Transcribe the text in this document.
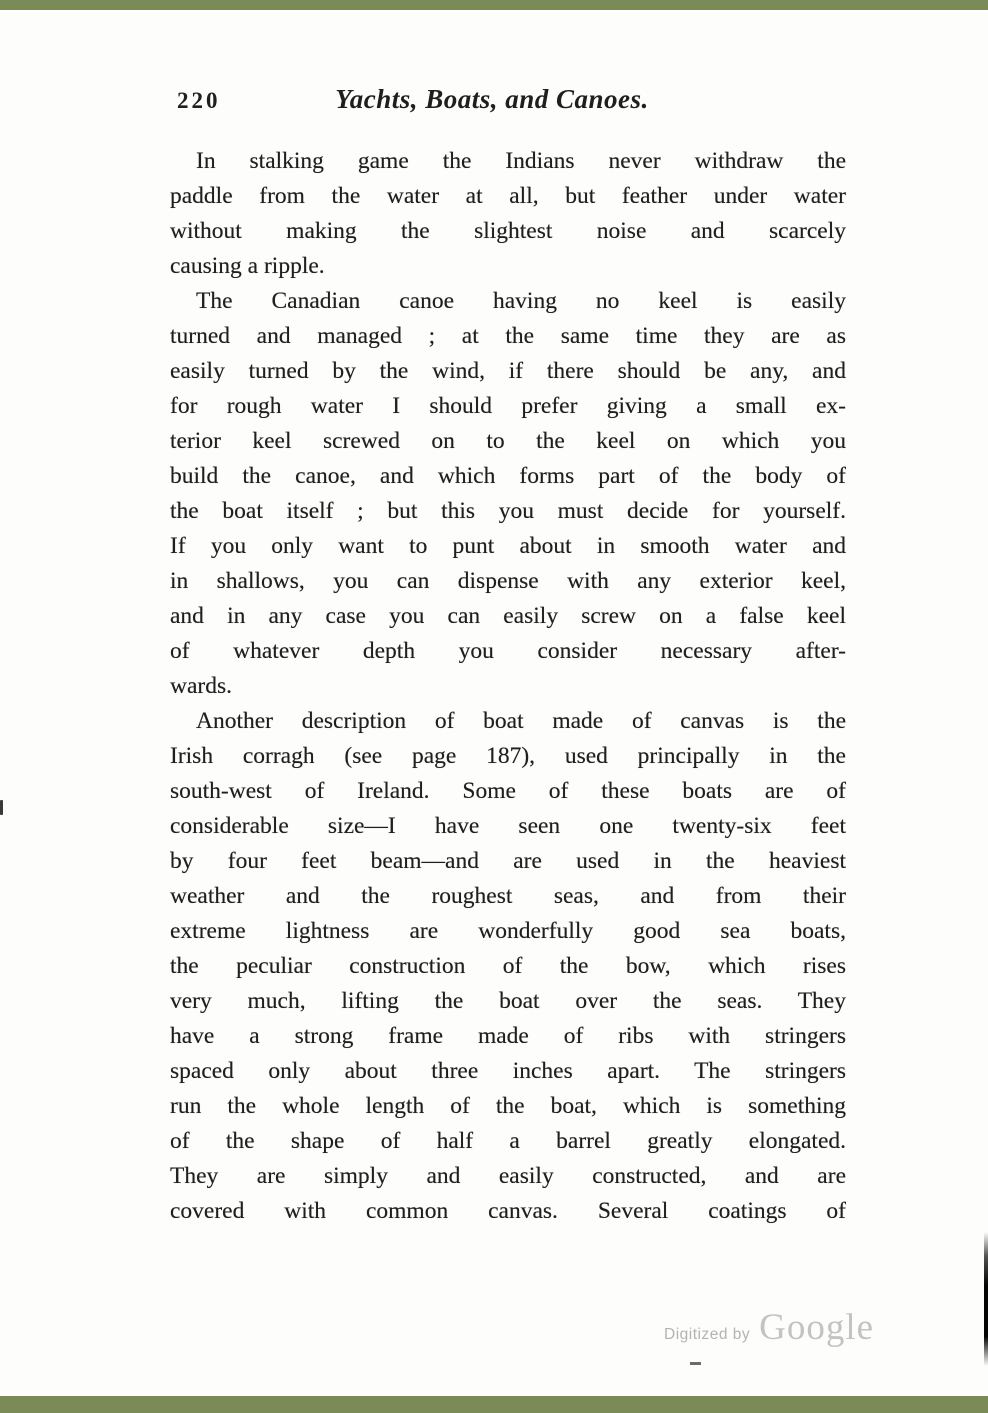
220	Yachts, Boats, and Canoes.
In stalking game the Indians never withdraw the
paddle from the water at all, but feather under water
without making the slightest noise and scarcely
causing a ripple.
The Canadian canoe having no keel is easily
turned and managed ; at the same time they are as
easily turned by the wind, if there should be any, and
for rough water I should prefer giving a small ex-
terior keel screwed on to the keel on which you
build the canoe, and which forms part of the body of
the boat itself ; but this you must decide for yourself.
If you only want to punt about in smooth water and
in shallows, you can dispense with any exterior keel,
and in any case you can easily screw on a false keel
of whatever depth you consider necessary after-
wards.
Another description of boat made of canvas is the
Irish corragh (see page 187), used principally in the
south-west of Ireland. Some of these boats are of
considerable size—I have seen one twenty-six feet
by four feet beam—and are used in the heaviest
weather and the roughest seas, and from their
extreme lightness are wonderfully good sea boats,
the peculiar construction of the bow, which rises
very much, lifting the boat over the seas. They
have a strong frame made of ribs with stringers
spaced only about three inches apart. The stringers
run the whole length of the boat, which is something
of the shape of half a barrel greatly elongated.
They are simply and easily constructed, and are
covered with common canvas. Several coatings of
Digitized by Google
